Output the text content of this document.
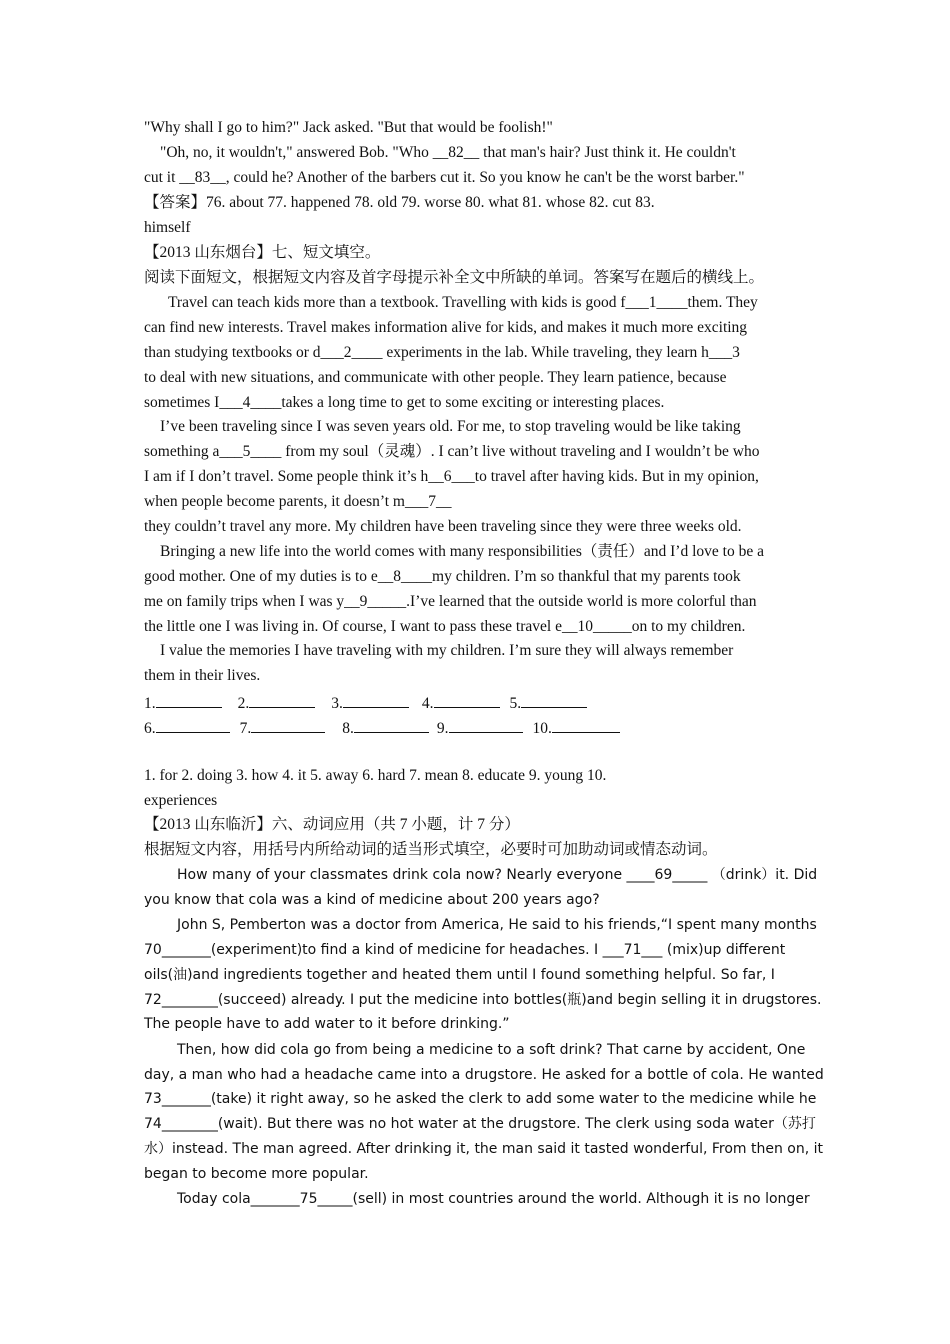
"Why shall I go to him?" Jack asked. "But that would be foolish!"
"Oh, no, it wouldn't," answered Bob. "Who __82__ that man's hair? Just think it. He couldn't
cut it __83__, could he? Another of the barbers cut it. So you know he can't be the worst barber."
【答案】76. about 77. happened 78. old 79. worse 80. what 81. whose 82. cut 83.
himself
【2013 山东烟台】七、短文填空。
阅读下面短文，根据短文内容及首字母提示补全文中所缺的单词。答案写在题后的横线上。
Travel can teach kids more than a textbook. Travelling with kids is good f___1____them. They
can find new interests. Travel makes information alive for kids, and makes it much more exciting
than studying textbooks or d___2____ experiments in the lab. While traveling, they learn h___3
to deal with new situations, and communicate with other people. They learn patience, because
sometimes I___4____takes a long time to get to some exciting or interesting places.
I’ve been traveling since I was seven years old. For me, to stop traveling would be like taking
something a___5____ from my soul（灵魂）. I can’t live without traveling and I wouldn’t be who
I am if I don’t travel. Some people think it’s h__6___to travel after having kids. But in my opinion,
when people become parents, it doesn’t m___7__
they couldn’t travel any more. My children have been traveling since they were three weeks old.
Bringing a new life into the world comes with many responsibilities（责任）and I’d love to be a
good mother. One of my duties is to e__8____my children. I’m so thankful that my parents took
me on family trips when I was y__9_____.I’ve learned that the outside world is more colorful than
the little one I was living in. Of course, I want to pass these travel e__10_____on to my children.
I value the memories I have traveling with my children. I’m sure they will always remember
them in their lives.
1.	2.	3.	4.	5.
6.	7.	8.	9.	10.
1. for 2. doing 3. how 4. it 5. away 6. hard 7. mean 8. educate 9. young 10.
experiences
【2013 山东临沂】六、动词应用（共 7 小题，计 7 分）
根据短文内容，用括号内所给动词的适当形式填空，必要时可加助动词或情态动词。
How many of your classmates drink cola now? Nearly everyone ____69_____ （drink）it. Did
you know that cola was a kind of medicine about 200 years ago?
John S, Pemberton was a doctor from America, He said to his friends,“I spent many months
70_______(experiment)to find a kind of medicine for headaches. I ___71___ (mix)up different
oils(油)and ingredients together and heated them until I found something helpful. So far, I
72________(succeed) already. I put the medicine into bottles(瓶)and begin selling it in drugstores.
The people have to add water to it before drinking.”
Then, how did cola go from being a medicine to a soft drink? That carne by accident, One
day, a man who had a headache came into a drugstore. He asked for a bottle of cola. He wanted
73_______(take) it right away, so he asked the clerk to add some water to the medicine while he
74________(wait). But there was no hot water at the drugstore. The clerk using soda water（苏打
水）instead. The man agreed. After drinking it, the man said it tasted wonderful, From then on, it
began to become more popular.
Today cola_______75_____(sell) in most countries around the world. Although it is no longer
